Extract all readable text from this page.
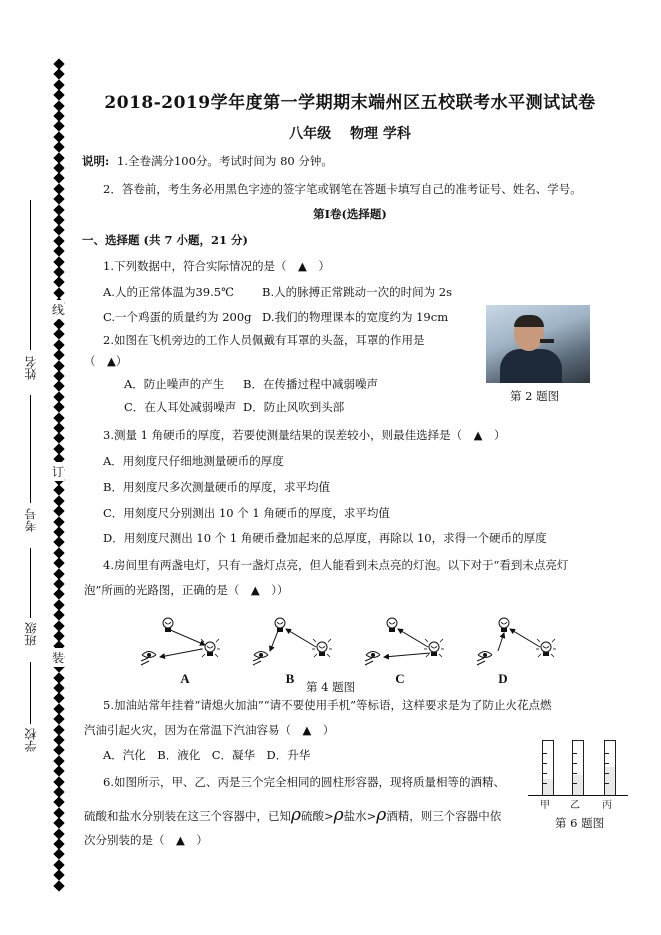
线
订
装
姓名
考号
班级
学校
2018-2019学年度第一学期期末端州区五校联考水平测试试卷
八年级　 物理 学科
说明: 1.全卷满分100分。考试时间为 80 分钟。
2．答卷前，考生务必用黑色字迹的签字笔或钢笔在答题卡填写自己的准考证号、姓名、学号。
第Ⅰ卷(选择题)
一、选择题 (共 7 小题，21 分)
1.下列数据中，符合实际情况的是（　▲　）
A.人的正常体温为39.5℃ B.人的脉搏正常跳动一次的时间为 2s
C.一个鸡蛋的质量约为 200g D.我们的物理课本的宽度约为 19cm
2.如图在飞机旁边的工作人员佩戴有耳罩的头盔，耳罩的作用是
（　▲）
A．防止噪声的产生 B．在传播过程中减弱噪声
C．在人耳处减弱噪声 D．防止风吹到头部
第 2 题图
3.测量 1 角硬币的厚度，若要使测量结果的误差较小，则最佳选择是（　▲　）
A．用刻度尺仔细地测量硬币的厚度
B．用刻度尺多次测量硬币的厚度，求平均值
C．用刻度尺分别测出 10 个 1 角硬币的厚度，求平均值
D．用刻度尺测出 10 个 1 角硬币叠加起来的总厚度，再除以 10，求得一个硬币的厚度
4.房间里有两盏电灯，只有一盏灯点亮，但人能看到未点亮的灯泡。以下对于“看到未点亮灯
泡”所画的光路图，正确的是（　▲　））
A	B	C	D
第 4 题图
5.加油站常年挂着“请熄火加油”“请不要使用手机”等标语，这样要求是为了防止火花点燃
汽油引起火灾，因为在常温下汽油容易（　▲　）
A．汽化　B．液化　C．凝华　D．升华
6.如图所示，甲、乙、丙是三个完全相同的圆柱形容器，现将质量相等的酒精、
硫酸和盐水分别装在这三个容器中，已知ρ硫酸>ρ盐水>ρ酒精，则三个容器中依
次分别装的是（　▲　）
甲 乙 丙
第 6 题图
